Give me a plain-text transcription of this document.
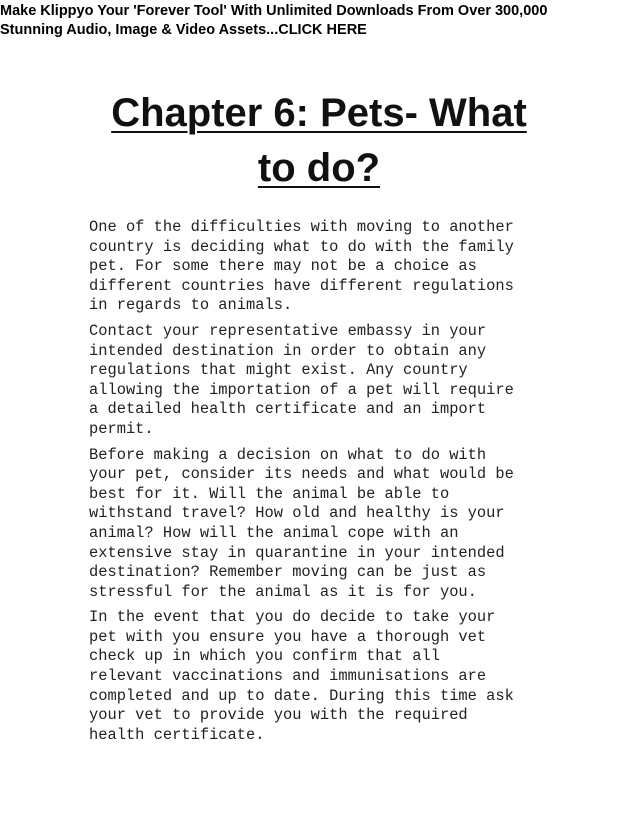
Make Klippyo Your 'Forever Tool' With Unlimited Downloads From Over 300,000
Stunning Audio, Image & Video Assets...CLICK HERE
Chapter 6: Pets- What
to do?

One of the difficulties with moving to another
country is deciding what to do with the family
pet. For some there may not be a choice as
different countries have different regulations
in regards to animals.

Contact your representative embassy in your
intended destination in order to obtain any
regulations that might exist. Any country
allowing the importation of a pet will require
a detailed health certificate and an import
permit.

Before making a decision on what to do with
your pet, consider its needs and what would be
best for it. Will the animal be able to
withstand travel? How old and healthy is your
animal? How will the animal cope with an
extensive stay in quarantine in your intended
destination? Remember moving can be just as
stressful for the animal as it is for you.

In the event that you do decide to take your
pet with you ensure you have a thorough vet
check up in which you confirm that all
relevant vaccinations and immunisations are
completed and up to date. During this time ask
your vet to provide you with the required
health certificate.
